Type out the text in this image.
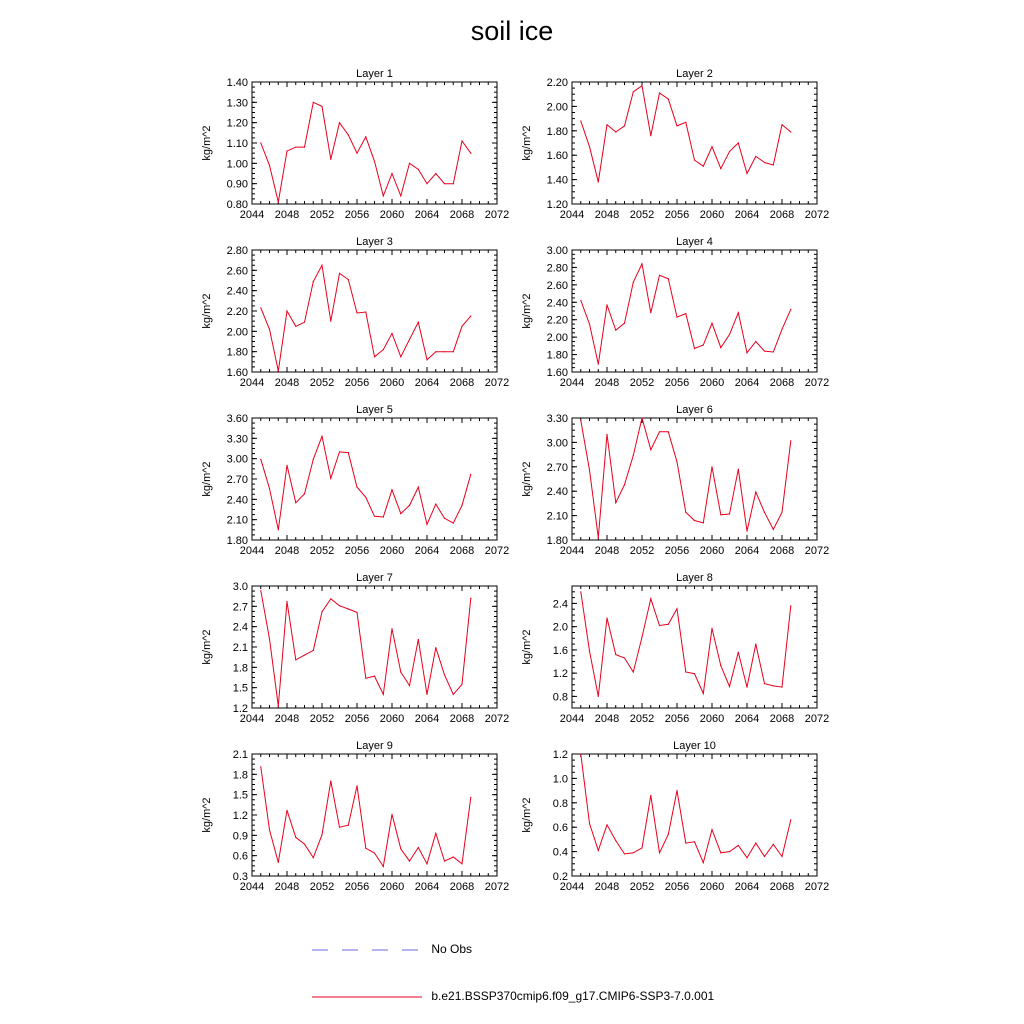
soil ice
Layer 1
kg/m^2
2044 2048 2052 2056 2060 2064 2068 2072
0.80
0.90
1.00
1.10
1.20
1.30
1.40
Layer 2
kg/m^2
2044 2048 2052 2056 2060 2064 2068 2072
1.20
1.40
1.60
1.80
2.00
2.20
Layer 3
kg/m^2
2044 2048 2052 2056 2060 2064 2068 2072
1.60
1.80
2.00
2.20
2.40
2.60
2.80
Layer 4
kg/m^2
2044 2048 2052 2056 2060 2064 2068 2072
1.60
1.80
2.00
2.20
2.40
2.60
2.80
3.00
Layer 5
kg/m^2
2044 2048 2052 2056 2060 2064 2068 2072
1.80
2.10
2.40
2.70
3.00
3.30
3.60
Layer 6
kg/m^2
2044 2048 2052 2056 2060 2064 2068 2072
1.80
2.10
2.40
2.70
3.00
3.30
Layer 7
kg/m^2
2044 2048 2052 2056 2060 2064 2068 2072
1.2
1.5
1.8
2.1
2.4
2.7
3.0
Layer 8
kg/m^2
2044 2048 2052 2056 2060 2064 2068 2072
0.8
1.2
1.6
2.0
2.4
Layer 9
kg/m^2
2044 2048 2052 2056 2060 2064 2068 2072
0.3
0.6
0.9
1.2
1.5
1.8
2.1
Layer 10
kg/m^2
2044 2048 2052 2056 2060 2064 2068 2072
0.2
0.4
0.6
0.8
1.0
1.2
No Obs
b.e21.BSSP370cmip6.f09_g17.CMIP6-SSP3-7.0.001
